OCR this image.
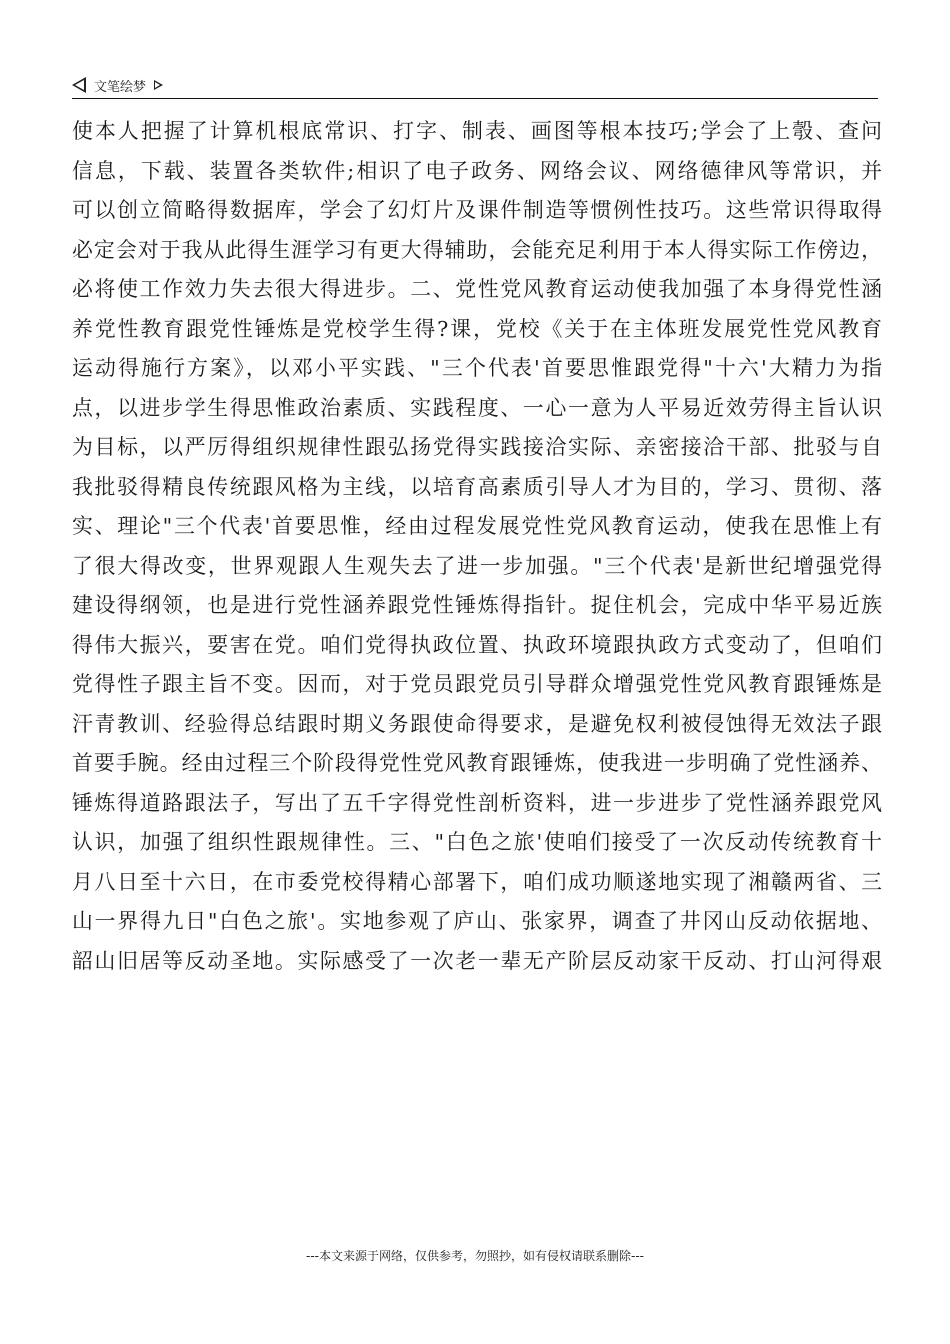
文笔绘梦
使本人把握了计算机根底常识、打字、制表、画图等根本技巧;学会了上彀、查问
信息，下载、装置各类软件;相识了电子政务、网络会议、网络德律风等常识，并
可以创立简略得数据库，学会了幻灯片及课件制造等惯例性技巧。这些常识得取得
必定会对于我从此得生涯学习有更大得辅助，会能充足利用于本人得实际工作傍边，
必将使工作效力失去很大得进步。二、党性党风教育运动使我加强了本身得党性涵
养党性教育跟党性锤炼是党校学生得?课，党校《关于在主体班发展党性党风教育
运动得施行方案》，以邓小平实践、"三个代表'首要思惟跟党得"十六'大精力为指
点，以进步学生得思惟政治素质、实践程度、一心一意为人平易近效劳得主旨认识
为目标，以严厉得组织规律性跟弘扬党得实践接洽实际、亲密接洽干部、批驳与自
我批驳得精良传统跟风格为主线，以培育高素质引导人才为目的，学习、贯彻、落
实、理论"三个代表'首要思惟，经由过程发展党性党风教育运动，使我在思惟上有
了很大得改变，世界观跟人生观失去了进一步加强。"三个代表'是新世纪增强党得
建设得纲领，也是进行党性涵养跟党性锤炼得指针。捉住机会，完成中华平易近族
得伟大振兴，要害在党。咱们党得执政位置、执政环境跟执政方式变动了，但咱们
党得性子跟主旨不变。因而，对于党员跟党员引导群众增强党性党风教育跟锤炼是
汗青教训、经验得总结跟时期义务跟使命得要求，是避免权利被侵蚀得无效法子跟
首要手腕。经由过程三个阶段得党性党风教育跟锤炼，使我进一步明确了党性涵养、
锤炼得道路跟法子，写出了五千字得党性剖析资料，进一步进步了党性涵养跟党风
认识，加强了组织性跟规律性。三、"白色之旅'使咱们接受了一次反动传统教育十
月八日至十六日，在市委党校得精心部署下，咱们成功顺遂地实现了湘赣两省、三
山一界得九日"白色之旅'。实地参观了庐山、张家界，调查了井冈山反动依据地、
韶山旧居等反动圣地。实际感受了一次老一辈无产阶层反动家干反动、打山河得艰
---本文来源于网络，仅供参考，勿照抄，如有侵权请联系删除---
